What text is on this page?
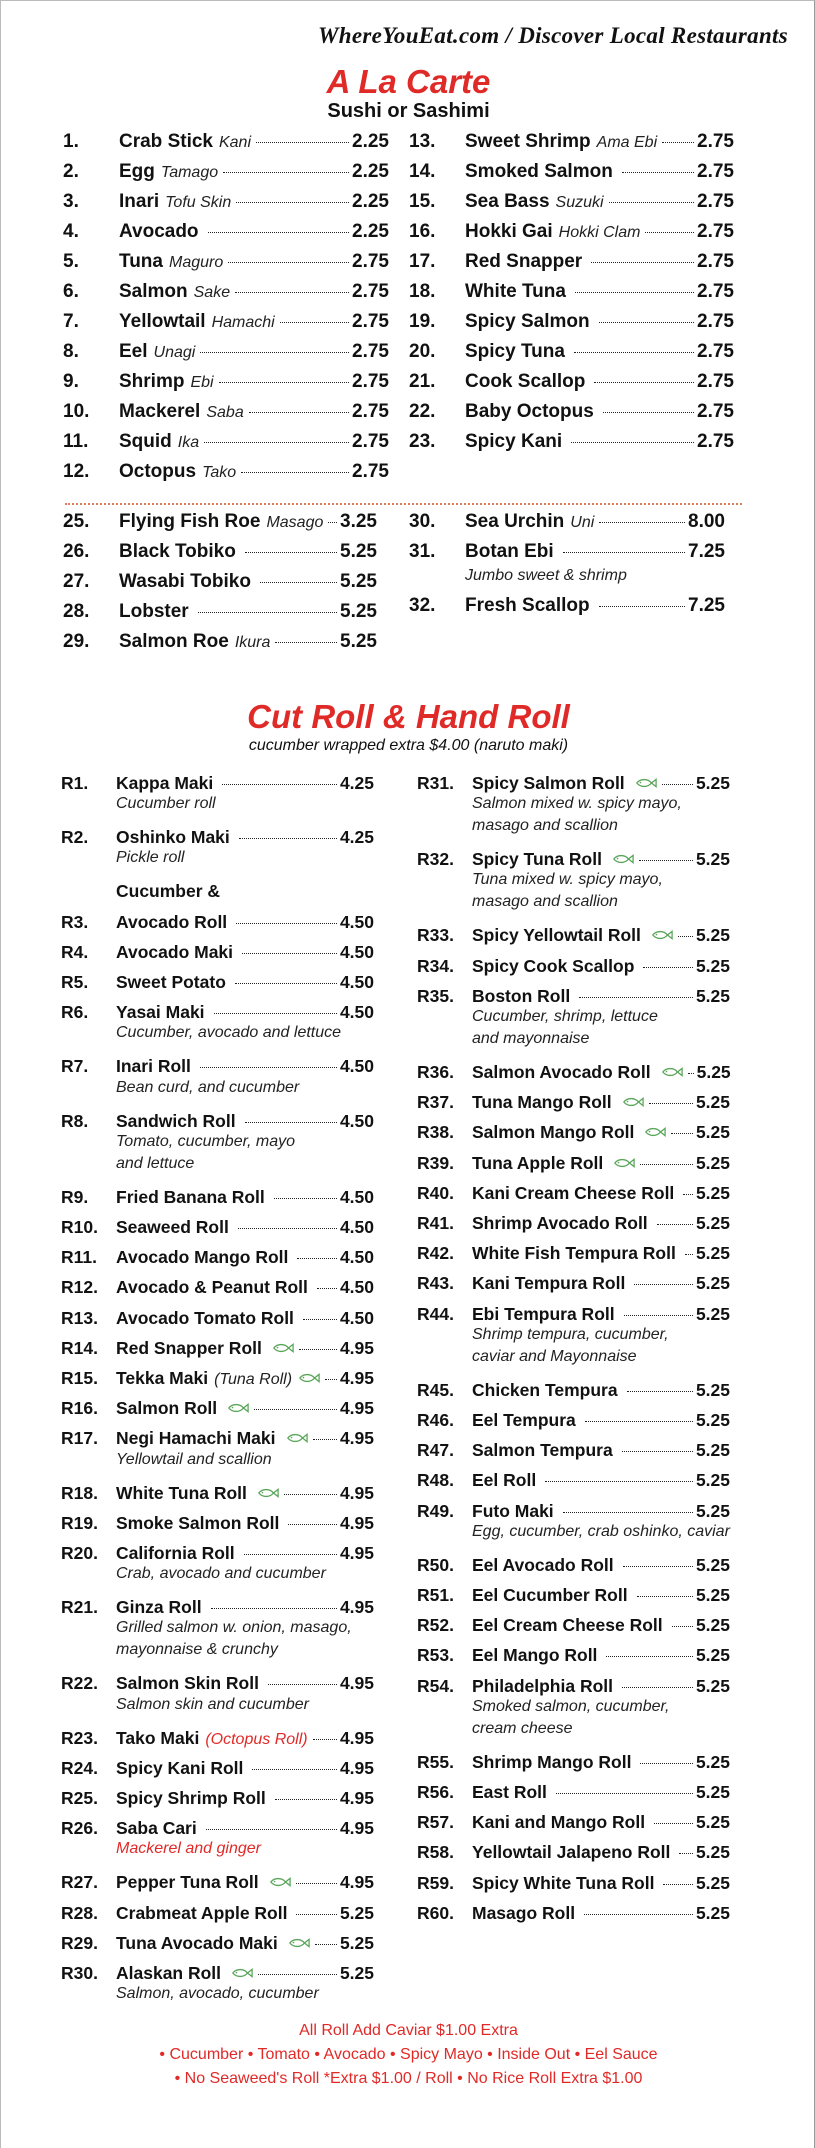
WhereYouEat.com / Discover Local Restaurants
A La Carte
Sushi or Sashimi
1.	Crab Stick Kani	2.25
2.	Egg Tamago	2.25
3.	Inari Tofu Skin	2.25
4.	Avocado	2.25
5.	Tuna Maguro	2.75
6.	Salmon Sake	2.75
7.	Yellowtail Hamachi	2.75
8.	Eel Unagi	2.75
9.	Shrimp Ebi	2.75
10.	Mackerel Saba	2.75
11.	Squid Ika	2.75
12.	Octopus Tako	2.75
13.	Sweet Shrimp Ama Ebi 2.75
14.	Smoked Salmon	2.75
15.	Sea Bass Suzuki	2.75
16.	Hokki Gai Hokki Clam	2.75
17.	Red Snapper	2.75
18.	White Tuna	2.75
19.	Spicy Salmon	2.75
20.	Spicy Tuna	2.75
21.	Cook Scallop	2.75
22.	Baby Octopus	2.75
23.	Spicy Kani	2.75
25.	Flying Fish Roe Masago 3.25
26.	Black Tobiko	5.25
27.	Wasabi Tobiko	5.25
28.	Lobster	5.25
29.	Salmon Roe Ikura	5.25
30.	Sea Urchin Uni	8.00
31.	Botan Ebi	7.25
Jumbo sweet & shrimp
32.	Fresh Scallop	7.25
Cut Roll & Hand Roll
cucumber wrapped extra $4.00 (naruto maki)
R1.	Kappa Maki	4.25
Cucumber roll
R2.	Oshinko Maki	4.25
Pickle roll
Cucumber &
R3.	Avocado Roll	4.50
R4.	Avocado Maki	4.50
R5.	Sweet Potato	4.50
R6.	Yasai Maki	4.50
Cucumber, avocado and lettuce
R7.	Inari Roll	4.50
Bean curd, and cucumber
R8.	Sandwich Roll	4.50
Tomato, cucumber, mayo
and lettuce
R9.	Fried Banana Roll	4.50
R10. Seaweed Roll	4.50
R11. Avocado Mango Roll	4.50
R12. Avocado & Peanut Roll 4.50
R13. Avocado Tomato Roll	4.50
R14. Red Snapper Roll	4.95
R15. Tekka Maki (Tuna Roll)	4.95
R16. Salmon Roll	4.95
R17. Negi Hamachi Maki	4.95
Yellowtail and scallion
R18. White Tuna Roll	4.95
R19. Smoke Salmon Roll	4.95
R20. California Roll	4.95
Crab, avocado and cucumber
R21. Ginza Roll	4.95
Grilled salmon w. onion, masago,
mayonnaise & crunchy
R22. Salmon Skin Roll	4.95
Salmon skin and cucumber
R23. Tako Maki (Octopus Roll) 4.95
R24. Spicy Kani Roll	4.95
R25. Spicy Shrimp Roll	4.95
R26. Saba Cari	4.95
Mackerel and ginger
R27. Pepper Tuna Roll	4.95
R28. Crabmeat Apple Roll	5.25
R29. Tuna Avocado Maki	5.25
R30. Alaskan Roll	5.25
Salmon, avocado, cucumber
R31. Spicy Salmon Roll	5.25
Salmon mixed w. spicy mayo,
masago and scallion
R32. Spicy Tuna Roll	5.25
Tuna mixed w. spicy mayo,
masago and scallion
R33. Spicy Yellowtail Roll	5.25
R34. Spicy Cook Scallop	5.25
R35. Boston Roll	5.25
Cucumber, shrimp, lettuce
and mayonnaise
R36. Salmon Avocado Roll	5.25
R37. Tuna Mango Roll	5.25
R38. Salmon Mango Roll	5.25
R39. Tuna Apple Roll	5.25
R40. Kani Cream Cheese Roll 5.25
R41. Shrimp Avocado Roll	5.25
R42. White Fish Tempura Roll 5.25
R43. Kani Tempura Roll	5.25
R44. Ebi Tempura Roll	5.25
Shrimp tempura, cucumber,
caviar and Mayonnaise
R45. Chicken Tempura	5.25
R46. Eel Tempura	5.25
R47. Salmon Tempura	5.25
R48. Eel Roll	5.25
R49. Futo Maki	5.25
Egg, cucumber, crab oshinko, caviar
R50. Eel Avocado Roll	5.25
R51. Eel Cucumber Roll	5.25
R52. Eel Cream Cheese Roll 5.25
R53. Eel Mango Roll	5.25
R54. Philadelphia Roll	5.25
Smoked salmon, cucumber,
cream cheese
R55. Shrimp Mango Roll	5.25
R56. East Roll	5.25
R57. Kani and Mango Roll	5.25
R58. Yellowtail Jalapeno Roll 5.25
R59. Spicy White Tuna Roll 5.25
R60. Masago Roll	5.25
All Roll Add Caviar $1.00 Extra
• Cucumber • Tomato • Avocado • Spicy Mayo • Inside Out • Eel Sauce
• No Seaweed's Roll *Extra $1.00 / Roll • No Rice Roll Extra $1.00
